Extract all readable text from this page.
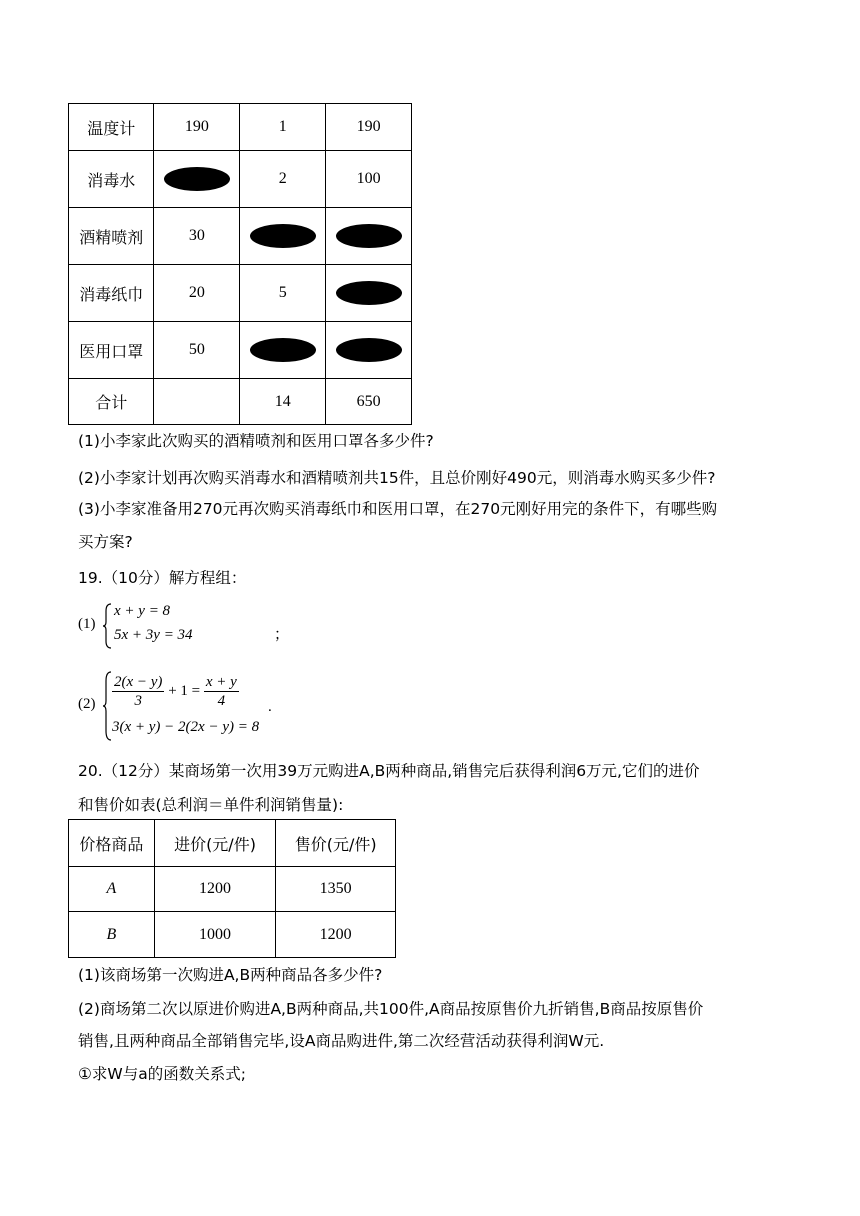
温度计	190	1	190
消毒水		2	100
酒精喷剂	30		
消毒纸巾	20	5	
医用口罩	50		
合计		14	650
(1)小李家此次购买的酒精喷剂和医用口罩各多少件?
(2)小李家计划再次购买消毒水和酒精喷剂共15件，且总价刚好490元，则消毒水购买多少件?
(3)小李家准备用270元再次购买消毒纸巾和医用口罩，在270元刚好用完的条件下，有哪些购
买方案?
19.（10分）解方程组：
(1)
x + y = 8
5x + 3y = 34	；
$(2) \frac{2(x - y)}{3} + 1 = \frac{x + y}{4}$
3(x + y) − 2(2x − y) = 8
.
20.（12分）某商场第一次用39万元购进A,B两种商品,销售完后获得利润6万元,它们的进价
和售价如表(总利润＝单件利润销售量):
价格商品	进价(元/件)	售价(元/件)
A	1200	1350
B	1000	1200
(1)该商场第一次购进A,B两种商品各多少件?
(2)商场第二次以原进价购进A,B两种商品,共100件,A商品按原售价九折销售,B商品按原售价
销售,且两种商品全部销售完毕,设A商品购进件,第二次经营活动获得利润W元.
①求W与a的函数关系式;
